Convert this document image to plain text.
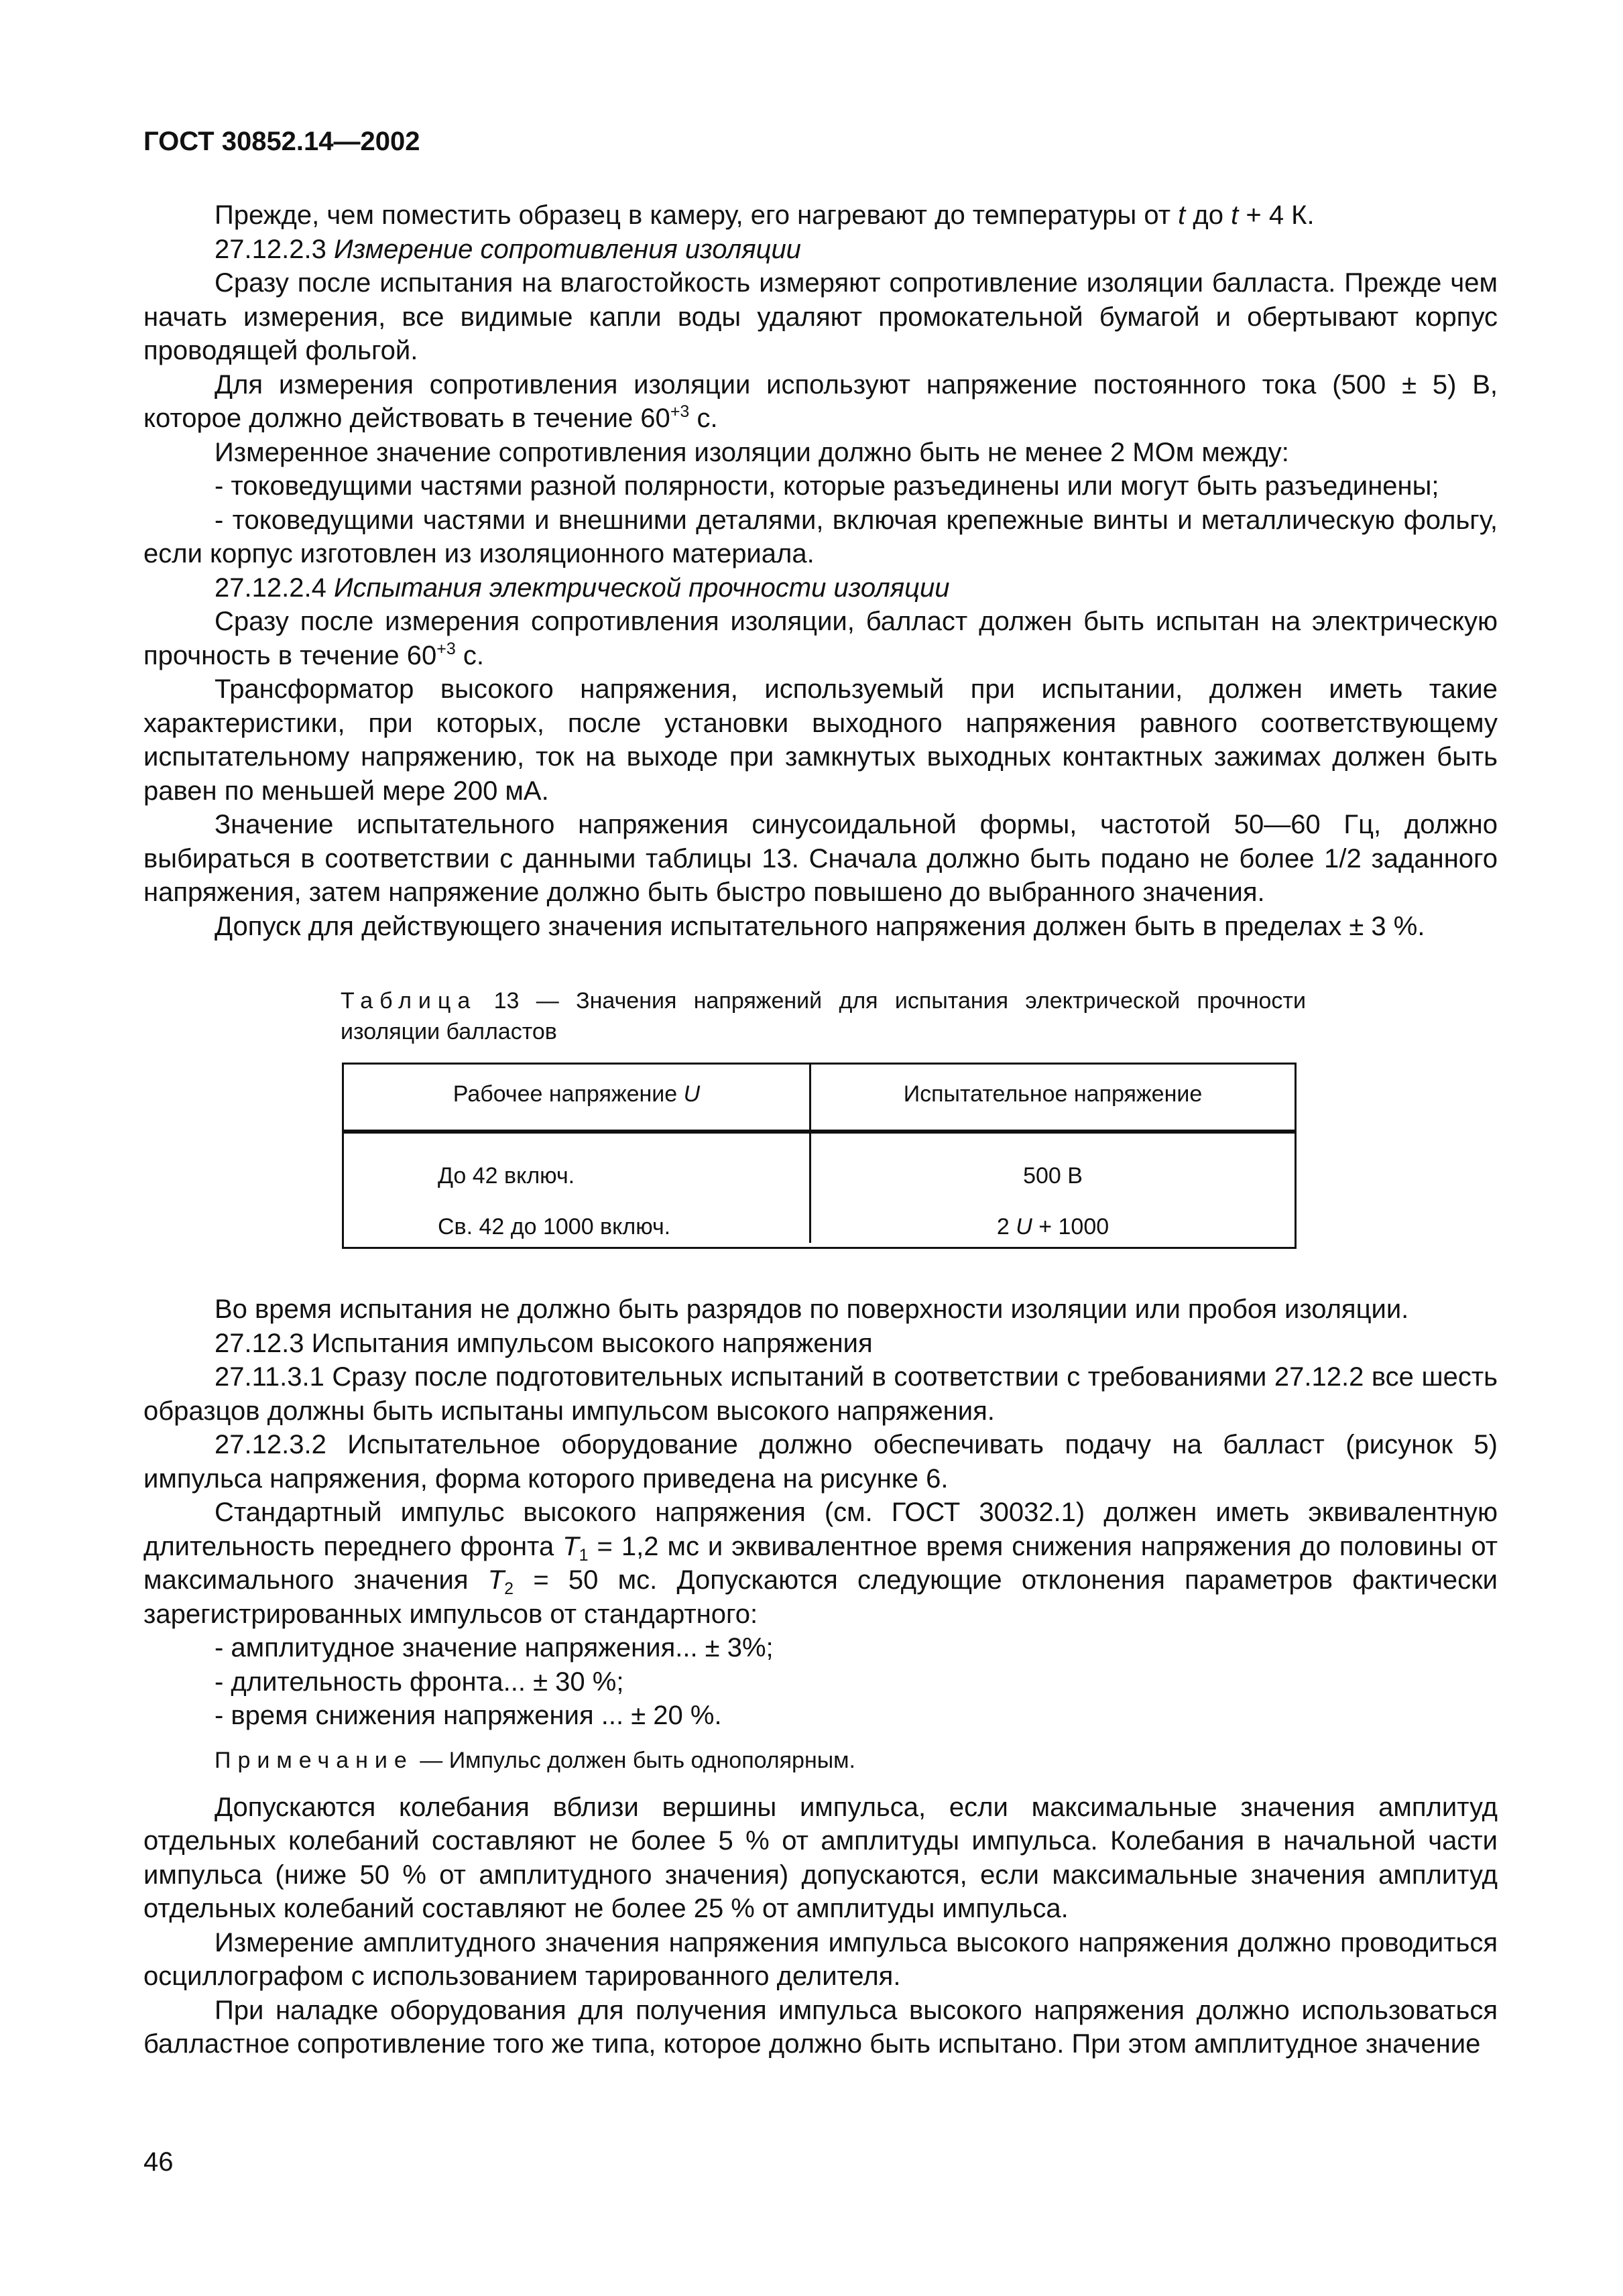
ГОСТ 30852.14—2002

Прежде, чем поместить образец в камеру, его нагревают до температуры от t до t + 4 К.

27.12.2.3 Измерение сопротивления изоляции

Сразу после испытания на влагостойкость измеряют сопротивление изоляции балласта. Прежде чем начать измерения, все видимые капли воды удаляют промокательной бумагой и обертывают корпус проводящей фольгой.

Для измерения сопротивления изоляции используют напряжение постоянного тока (500 ± 5) В, которое должно действовать в течение $60^{+3}$ с.

Измеренное значение сопротивления изоляции должно быть не менее 2 МОм между:

- токоведущими частями разной полярности, которые разъединены или могут быть разъединены;

- токоведущими частями и внешними деталями, включая крепежные винты и металлическую фольгу, если корпус изготовлен из изоляционного материала.

27.12.2.4 Испытания электрической прочности изоляции

Сразу после измерения сопротивления изоляции, балласт должен быть испытан на электрическую прочность в течение $60^{+3}$ с.

Трансформатор высокого напряжения, используемый при испытании, должен иметь такие характеристики, при которых, после установки выходного напряжения равного соответствующему испытательному напряжению, ток на выходе при замкнутых выходных контактных зажимах должен быть равен по меньшей мере 200 мА.

Значение испытательного напряжения синусоидальной формы, частотой 50—60 Гц, должно выбираться в соответствии с данными таблицы 13. Сначала должно быть подано не более 1/2 заданного напряжения, затем напряжение должно быть быстро повышено до выбранного значения.

Допуск для действующего значения испытательного напряжения должен быть в пределах ± 3 %.

Таблица 13 — Значения напряжений для испытания электрической прочности изоляции балластов

Рабочее напряжение U	Испытательное напряжение
До 42 включ.	500 В
Св. 42 до 1000 включ.	2 U + 1000

Во время испытания не должно быть разрядов по поверхности изоляции или пробоя изоляции.

27.12.3 Испытания импульсом высокого напряжения

27.11.3.1 Сразу после подготовительных испытаний в соответствии с требованиями 27.12.2 все шесть образцов должны быть испытаны импульсом высокого напряжения.

27.12.3.2 Испытательное оборудование должно обеспечивать подачу на балласт (рисунок 5) импульса напряжения, форма которого приведена на рисунке 6.

Стандартный импульс высокого напряжения (см. ГОСТ 30032.1) должен иметь эквивалентную длительность переднего фронта $T_1 = 1,2$ мс и эквивалентное время снижения напряжения до половины от максимального значения $T_2 = 50$ мс. Допускаются следующие отклонения параметров фактически зарегистрированных импульсов от стандартного:

- амплитудное значение напряжения... ± 3%;

- длительность фронта... ± 30 %;

- время снижения напряжения ... ± 20 %.

Примечание — Импульс должен быть однополярным.

Допускаются колебания вблизи вершины импульса, если максимальные значения амплитуд отдельных колебаний составляют не более 5 % от амплитуды импульса. Колебания в начальной части импульса (ниже 50 % от амплитудного значения) допускаются, если максимальные значения амплитуд отдельных колебаний составляют не более 25 % от амплитуды импульса.

Измерение амплитудного значения напряжения импульса высокого напряжения должно проводиться осциллографом с использованием тарированного делителя.

При наладке оборудования для получения импульса высокого напряжения должно использоваться балластное сопротивление того же типа, которое должно быть испытано. При этом амплитудное значение

46
